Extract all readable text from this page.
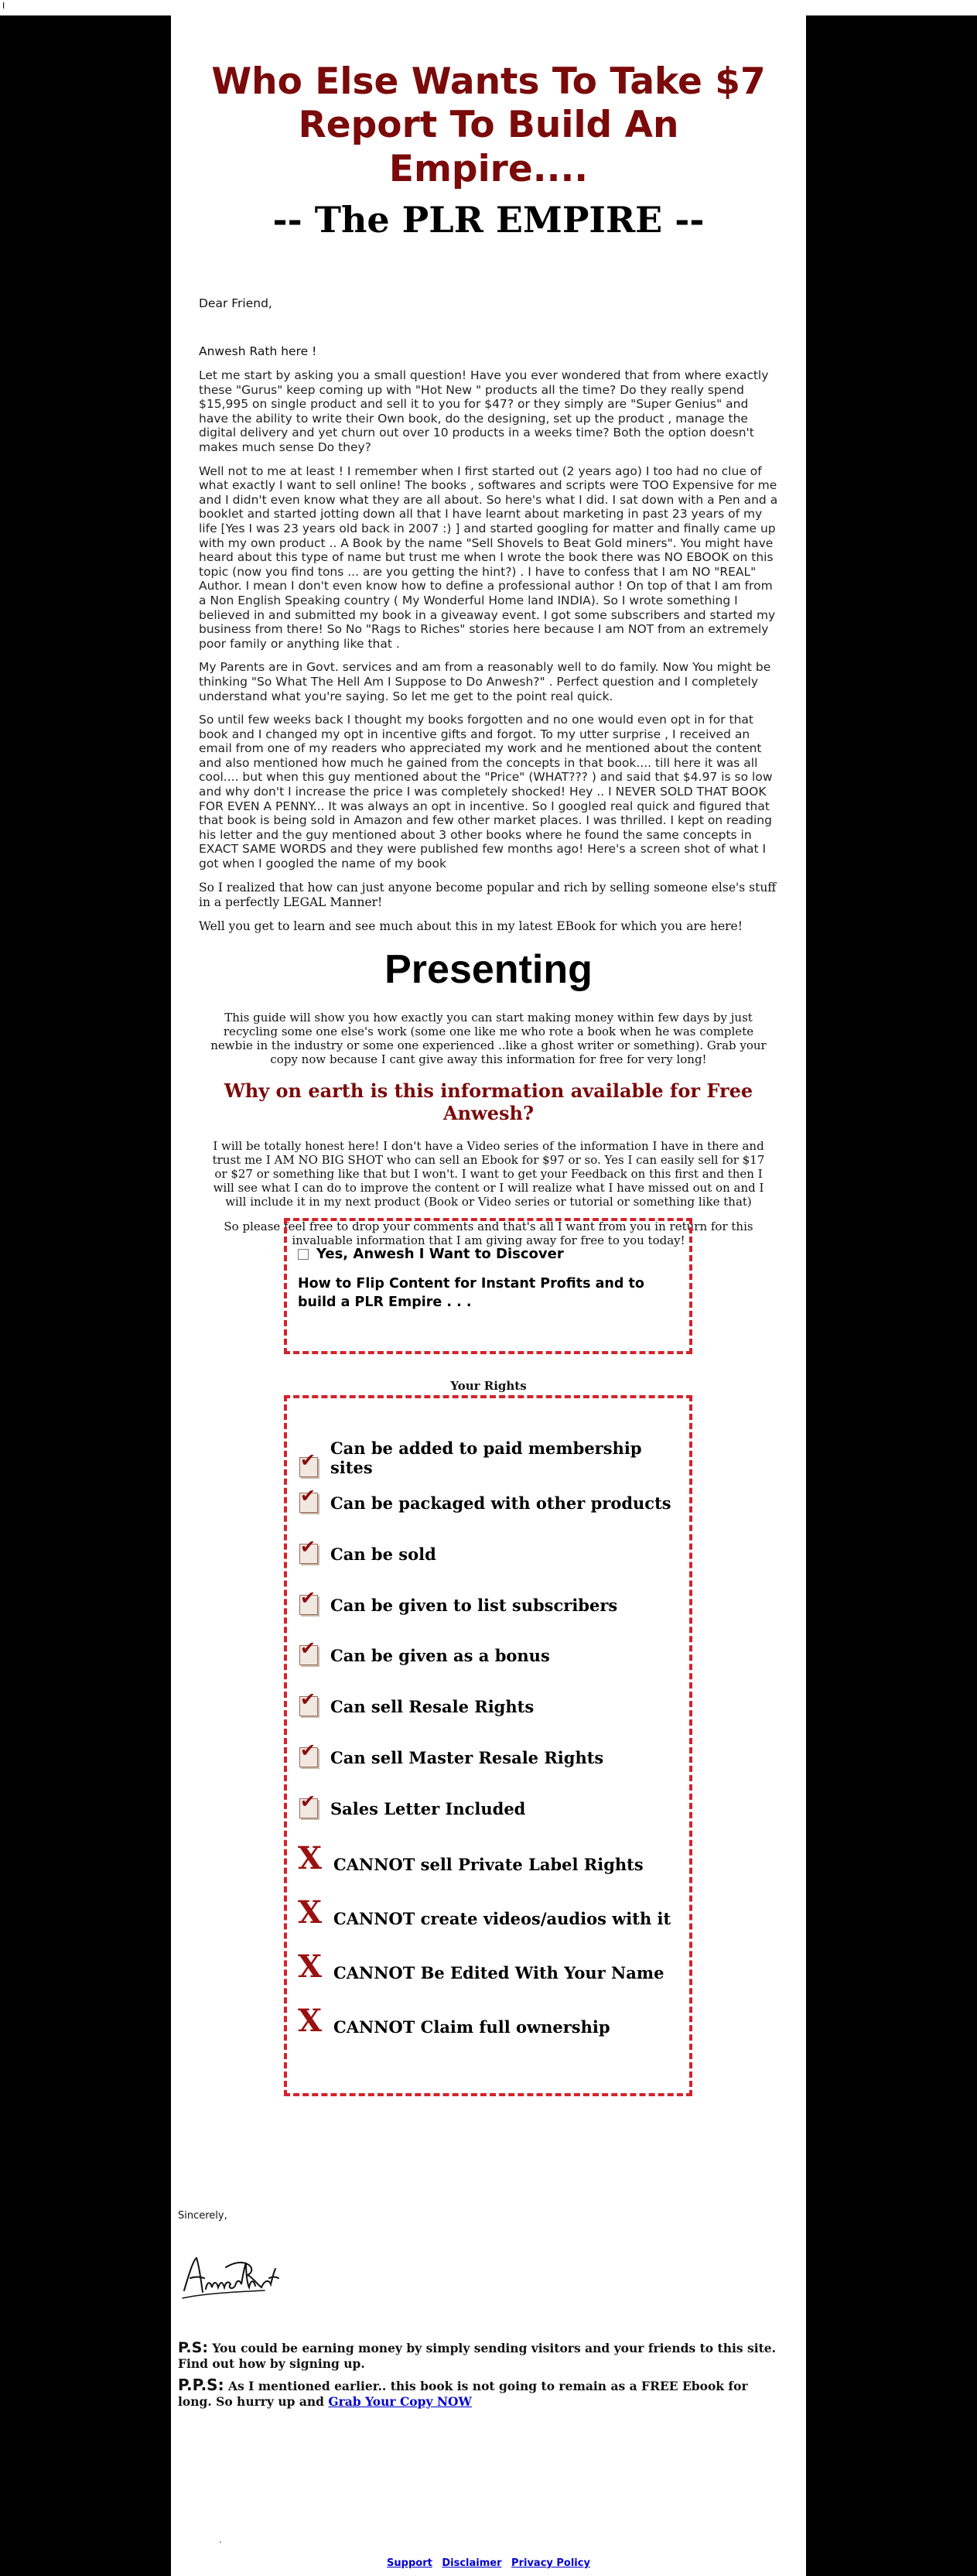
I
Who Else Wants To Take $7 Report To Build An Empire....
-- The PLR EMPIRE --
Dear Friend,
Anwesh Rath here !

Let me start by asking you a small question! Have you ever wondered that from where exactly these "Gurus" keep coming up with "Hot New " products all the time? Do they really spend $15,995 on single product and sell it to you for $47? or they simply are "Super Genius" and have the ability to write their Own book, do the designing, set up the product , manage the digital delivery and yet churn out over 10 products in a weeks time? Both the option doesn't makes much sense Do they?

Well not to me at least ! I remember when I first started out (2 years ago) I too had no clue of what exactly I want to sell online! The books , softwares and scripts were TOO Expensive for me and I didn't even know what they are all about. So here's what I did. I sat down with a Pen and a booklet and started jotting down all that I have learnt about marketing in past 23 years of my life [Yes I was 23 years old back in 2007 :) ] and started googling for matter and finally came up with my own product .. A Book by the name "Sell Shovels to Beat Gold miners". You might have heard about this type of name but trust me when I wrote the book there was NO EBOOK on this topic (now you find tons ... are you getting the hint?) . I have to confess that I am NO "REAL" Author. I mean I don't even know how to define a professional author ! On top of that I am from a Non English Speaking country ( My Wonderful Home land INDIA). So I wrote something I believed in and submitted my book in a giveaway event. I got some subscribers and started my business from there! So No "Rags to Riches" stories here because I am NOT from an extremely poor family or anything like that .

My Parents are in Govt. services and am from a reasonably well to do family. Now You might be thinking "So What The Hell Am I Suppose to Do Anwesh?" . Perfect question and I completely understand what you're saying. So let me get to the point real quick.

So until few weeks back I thought my books forgotten and no one would even opt in for that book and I changed my opt in incentive gifts and forgot. To my utter surprise , I received an email from one of my readers who appreciated my work and he mentioned about the content and also mentioned how much he gained from the concepts in that book.... till here it was all cool.... but when this guy mentioned about the "Price" (WHAT??? ) and said that $4.97 is so low and why don't I increase the price I was completely shocked! Hey .. I NEVER SOLD THAT BOOK FOR EVEN A PENNY... It was always an opt in incentive. So I googled real quick and figured that that book is being sold in Amazon and few other market places. I was thrilled. I kept on reading his letter and the guy mentioned about 3 other books where he found the same concepts in EXACT SAME WORDS and they were published few months ago! Here's a screen shot of what I got when I googled the name of my book

So I realized that how can just anyone become popular and rich by selling someone else's stuff in a perfectly LEGAL Manner!

Well you get to learn and see much about this in my latest EBook for which you are here!

Presenting

This guide will show you how exactly you can start making money within few days by just recycling some one else's work (some one like me who rote a book when he was complete newbie in the industry or some one experienced ..like a ghost writer or something). Grab your copy now because I cant give away this information for free for very long!

Why on earth is this information available for Free Anwesh?

I will be totally honest here! I don't have a Video series of the information I have in there and trust me I AM NO BIG SHOT who can sell an Ebook for $97 or so. Yes I can easily sell for $17 or $27 or something like that but I won't. I want to get your Feedback on this first and then I will see what I can do to improve the content or I will realize what I have missed out on and I will include it in my next product (Book or Video series or tutorial or something like that)

So please feel free to drop your comments and that's all I want from you in return for this invaluable information that I am giving away for free to you today!

Yes, Anwesh I Want to Discover
How to Flip Content for Instant Profits and to build a PLR Empire . . .
Your Rights
✔
Can be added to paid membership sites
✔ Can be packaged with other products
✔ Can be sold
✔ Can be given to list subscribers
✔ Can be given as a bonus
✔ Can sell Resale Rights
✔ Can sell Master Resale Rights
✔ Sales Letter Included
X CANNOT sell Private Label Rights
X CANNOT create videos/audios with it
X CANNOT Be Edited With Your Name
X CANNOT Claim full ownership
Sincerely,
P.S: You could be earning money by simply sending visitors and your friends to this site. Find out how by signing up.
P.P.S: As I mentioned earlier.. this book is not going to remain as a FREE Ebook for long. So hurry up and Grab Your Copy NOW
.
Support Disclaimer Privacy Policy
